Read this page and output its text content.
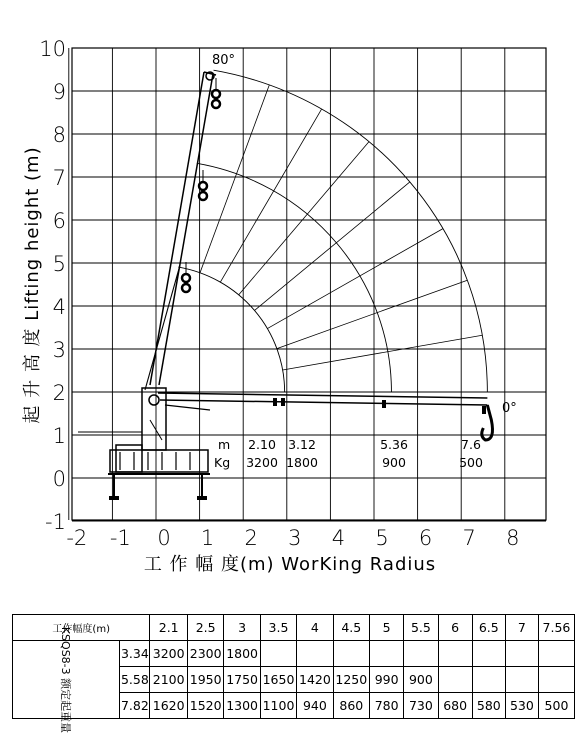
-2 -1 0 1 2 3 4 5 6 7 8
-1
0
1
2
3
4
5
6
7
8
9
10	80°
0°
m
Kg
2.10
3200
3.12
1800
5.36
900
7.6
500
工 作 幅 度(m) WorKing Radius
起 升 高 度 Lifting height (m)
工作幅度(m)		2.1	2.5	3	3.5	4	4.5	5	5.5	6	6.5	7	7.56
KSQS8-3 额定起重量	3.34	3200	2300	1800									
	5.58	2100	1950	1750	1650	1420	1250	990	900				
	7.82	1620	1520	1300	1100	940	860	780	730	680	580	530	500
